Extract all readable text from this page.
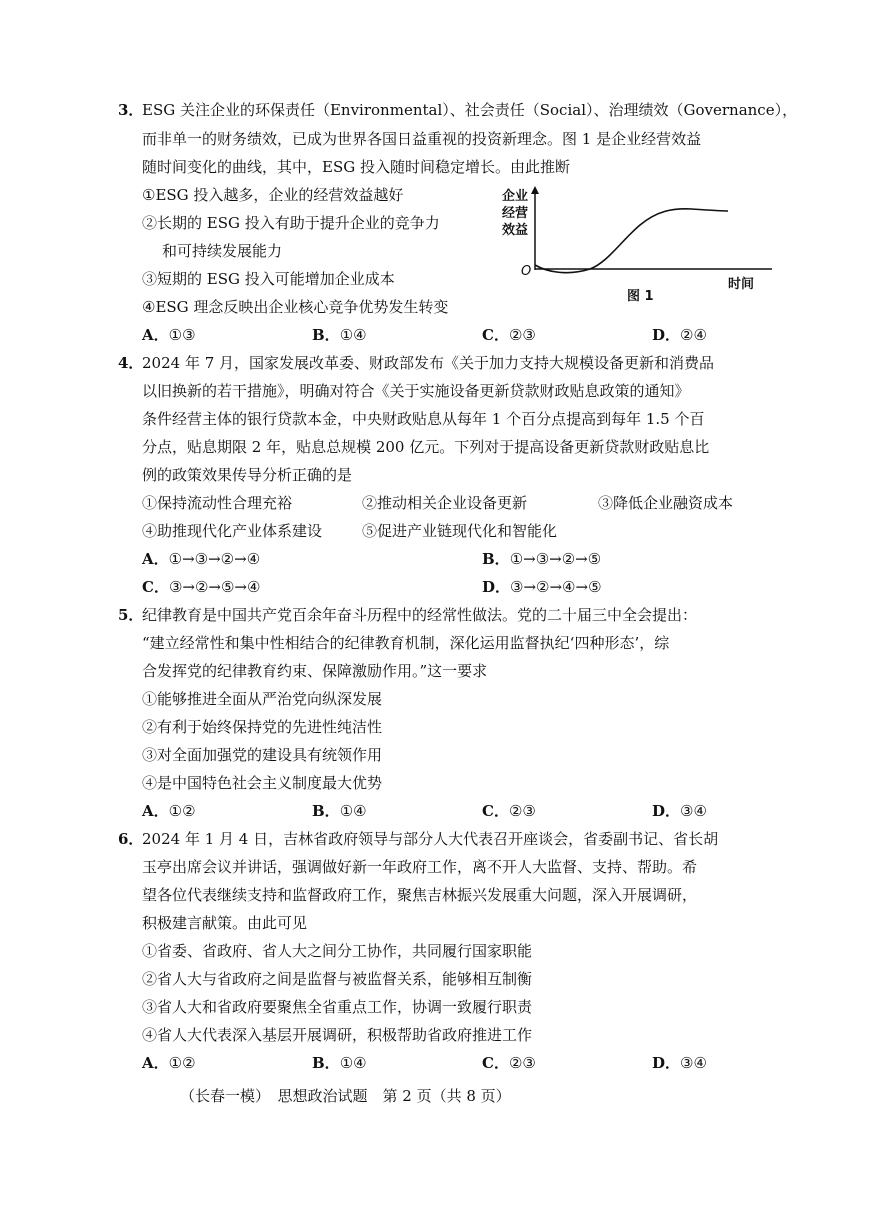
3．
ESG 关注企业的环保责任（Environmental）、社会责任（Social）、治理绩效（Governance），
而非单一的财务绩效，已成为世界各国日益重视的投资新理念。图 1 是企业经营效益
随时间变化的曲线，其中，ESG 投入随时间稳定增长。由此推断
①ESG 投入越多，企业的经营效益越好
②长期的 ESG 投入有助于提升企业的竞争力
和可持续发展能力
③短期的 ESG 投入可能增加企业成本
④ESG 理念反映出企业核心竞争优势发生转变
A．①③	B．①④	C．②③	D．②④
企业
经营
效益
O
时间
图 1
4．
2024 年 7 月，国家发展改革委、财政部发布《关于加力支持大规模设备更新和消费品
以旧换新的若干措施》，明确对符合《关于实施设备更新贷款财政贴息政策的通知》
条件经营主体的银行贷款本金，中央财政贴息从每年 1 个百分点提高到每年 1.5 个百
分点，贴息期限 2 年，贴息总规模 200 亿元。下列对于提高设备更新贷款财政贴息比
例的政策效果传导分析正确的是
①保持流动性合理充裕	②推动相关企业设备更新	③降低企业融资成本
④助推现代化产业体系建设	⑤促进产业链现代化和智能化
A．①→③→②→④	B．①→③→②→⑤
C．③→②→⑤→④	D．③→②→④→⑤
5．
纪律教育是中国共产党百余年奋斗历程中的经常性做法。党的二十届三中全会提出：
“建立经常性和集中性相结合的纪律教育机制，深化运用监督执纪‘四种形态’，综
合发挥党的纪律教育约束、保障激励作用。”这一要求
①能够推进全面从严治党向纵深发展
②有利于始终保持党的先进性纯洁性
③对全面加强党的建设具有统领作用
④是中国特色社会主义制度最大优势
A．①②	B．①④	C．②③	D．③④
6．
2024 年 1 月 4 日，吉林省政府领导与部分人大代表召开座谈会，省委副书记、省长胡
玉亭出席会议并讲话，强调做好新一年政府工作，离不开人大监督、支持、帮助。希
望各位代表继续支持和监督政府工作，聚焦吉林振兴发展重大问题，深入开展调研，
积极建言献策。由此可见
①省委、省政府、省人大之间分工协作，共同履行国家职能
②省人大与省政府之间是监督与被监督关系，能够相互制衡
③省人大和省政府要聚焦全省重点工作，协调一致履行职责
④省人大代表深入基层开展调研，积极帮助省政府推进工作
A．①②	B．①④	C．②③	D．③④
（长春一模）　思想政治试题　第 2 页（共 8 页）
